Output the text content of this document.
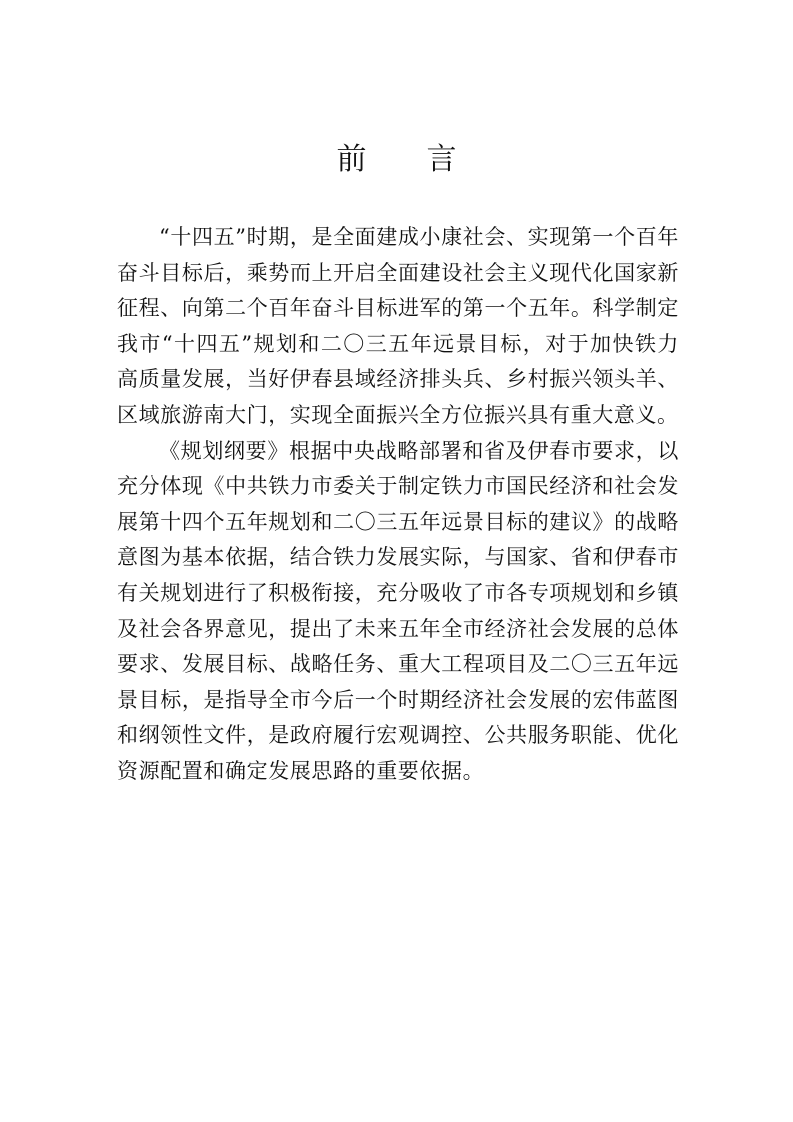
前言

“十四五”时期，是全面建成小康社会、实现第一个百年奋斗目标后，乘势而上开启全面建设社会主义现代化国家新征程、向第二个百年奋斗目标进军的第一个五年。科学制定我市“十四五”规划和二〇三五年远景目标，对于加快铁力高质量发展，当好伊春县域经济排头兵、乡村振兴领头羊、区域旅游南大门，实现全面振兴全方位振兴具有重大意义。

《规划纲要》根据中央战略部署和省及伊春市要求，以充分体现《中共铁力市委关于制定铁力市国民经济和社会发展第十四个五年规划和二〇三五年远景目标的建议》的战略意图为基本依据，结合铁力发展实际，与国家、省和伊春市有关规划进行了积极衔接，充分吸收了市各专项规划和乡镇及社会各界意见，提出了未来五年全市经济社会发展的总体要求、发展目标、战略任务、重大工程项目及二〇三五年远景目标，是指导全市今后一个时期经济社会发展的宏伟蓝图和纲领性文件，是政府履行宏观调控、公共服务职能、优化资源配置和确定发展思路的重要依据。
